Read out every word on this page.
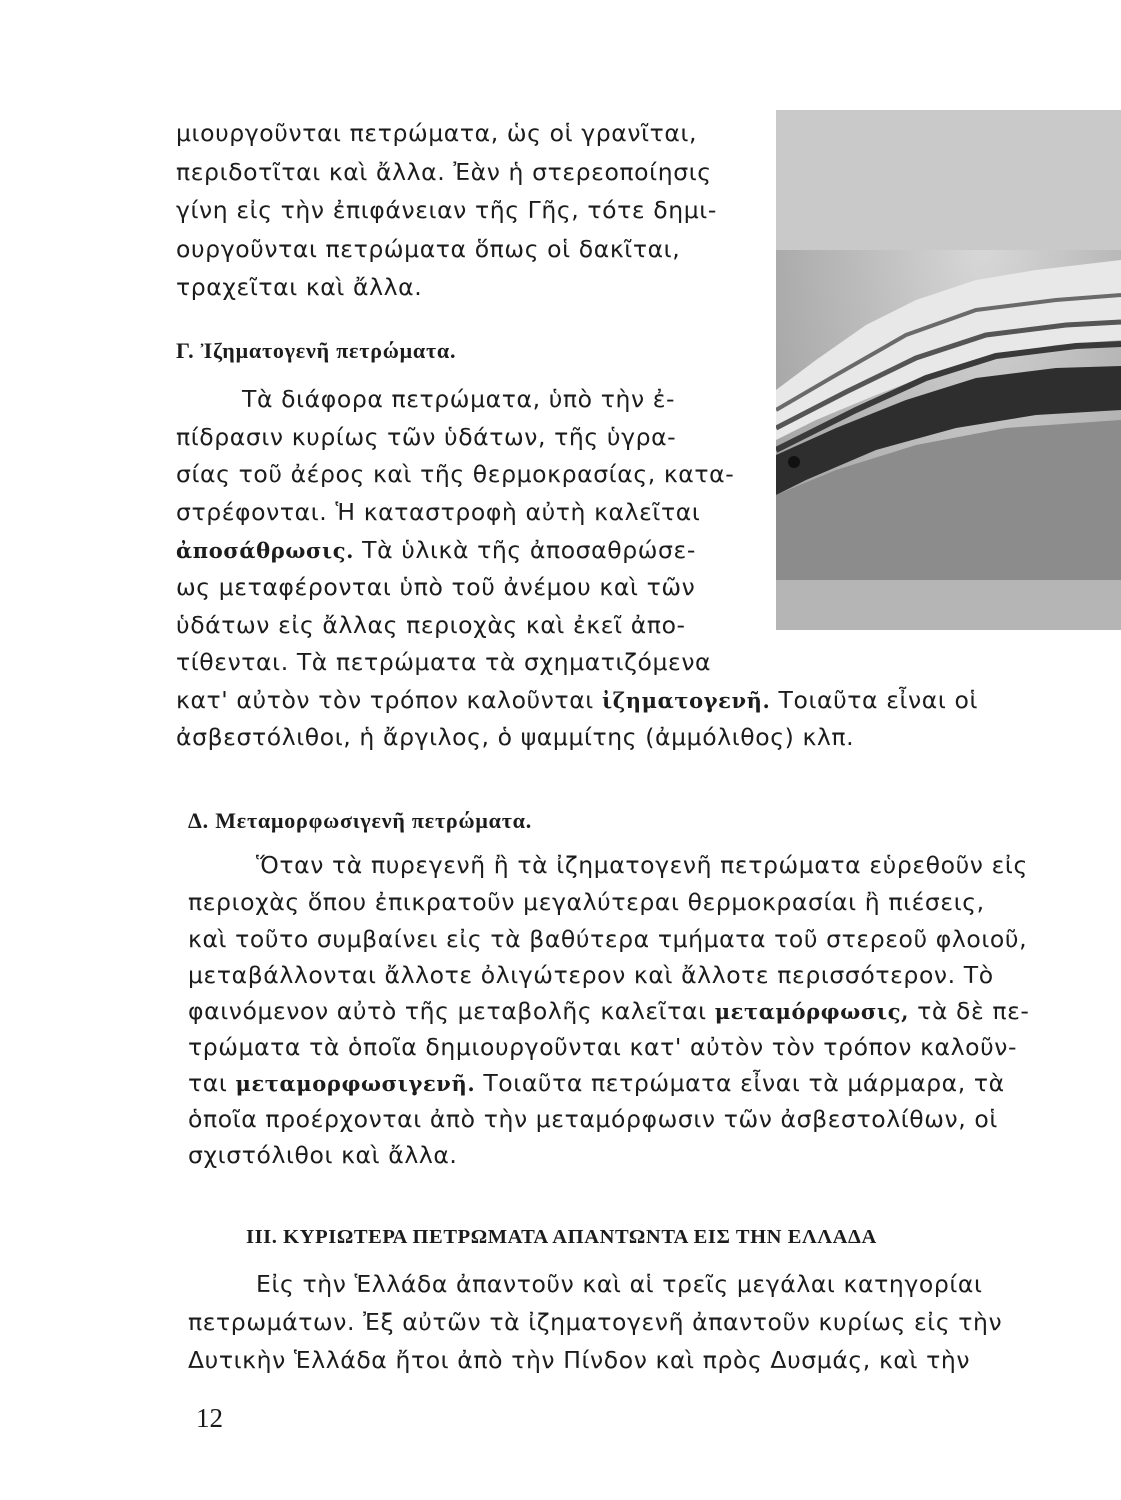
μιουργοῦνται πετρώματα, ὡς οἱ γρανῖται,
περιδοτῖται καὶ ἄλλα. Ἐὰν ἡ στερεοποίησις
γίνη εἰς τὴν ἐπιφάνειαν τῆς Γῆς, τότε δημι-
ουργοῦνται πετρώματα ὅπως οἱ δακῖται,
τραχεῖται καὶ ἄλλα.
Γ. Ἰζηματογενῆ πετρώματα.
Τὰ διάφορα πετρώματα, ὑπὸ τὴν ἐ-
πίδρασιν κυρίως τῶν ὑδάτων, τῆς ὑγρα-
σίας τοῦ ἀέρος καὶ τῆς θερμοκρασίας, κατα-
στρέφονται. Ἡ καταστροφὴ αὐτὴ καλεῖται
ἀποσάθρωσις. Τὰ ὑλικὰ τῆς ἀποσαθρώσε-
ως μεταφέρονται ὑπὸ τοῦ ἀνέμου καὶ τῶν
ὑδάτων εἰς ἄλλας περιοχὰς καὶ ἐκεῖ ἀπο-
τίθενται. Τὰ πετρώματα τὰ σχηματιζόμενα
κατ' αὐτὸν τὸν τρόπον καλοῦνται ἰζηματογενῆ. Τοιαῦτα εἶναι οἱ
ἀσβεστόλιθοι, ἡ ἄργιλος, ὁ ψαμμίτης (ἀμμόλιθος) κλπ.
Δ. Μεταμορφωσιγενῆ πετρώματα.
Ὅταν τὰ πυρεγενῆ ἢ τὰ ἰζηματογενῆ πετρώματα εὑρεθοῦν εἰς
περιοχὰς ὅπου ἐπικρατοῦν μεγαλύτεραι θερμοκρασίαι ἢ πιέσεις,
καὶ τοῦτο συμβαίνει εἰς τὰ βαθύτερα τμήματα τοῦ στερεοῦ φλοιοῦ,
μεταβάλλονται ἄλλοτε ὀλιγώτερον καὶ ἄλλοτε περισσότερον. Τὸ
φαινόμενον αὐτὸ τῆς μεταβολῆς καλεῖται μεταμόρφωσις, τὰ δὲ πε-
τρώματα τὰ ὁποῖα δημιουργοῦνται κατ' αὐτὸν τὸν τρόπον καλοῦν-
ται μεταμορφωσιγενῆ. Τοιαῦτα πετρώματα εἶναι τὰ μάρμαρα, τὰ
ὁποῖα προέρχονται ἀπὸ τὴν μεταμόρφωσιν τῶν ἀσβεστολίθων, οἱ
σχιστόλιθοι καὶ ἄλλα.
III. ΚΥΡΙΩΤΕΡΑ ΠΕΤΡΩΜΑΤΑ ΑΠΑΝΤΩΝΤΑ ΕΙΣ ΤΗΝ ΕΛΛΑΔΑ
Εἰς τὴν Ἑλλάδα ἀπαντοῦν καὶ αἱ τρεῖς μεγάλαι κατηγορίαι
πετρωμάτων. Ἐξ αὐτῶν τὰ ἰζηματογενῆ ἀπαντοῦν κυρίως εἰς τὴν
Δυτικὴν Ἑλλάδα ἤτοι ἀπὸ τὴν Πίνδον καὶ πρὸς Δυσμάς, καὶ τὴν
12
